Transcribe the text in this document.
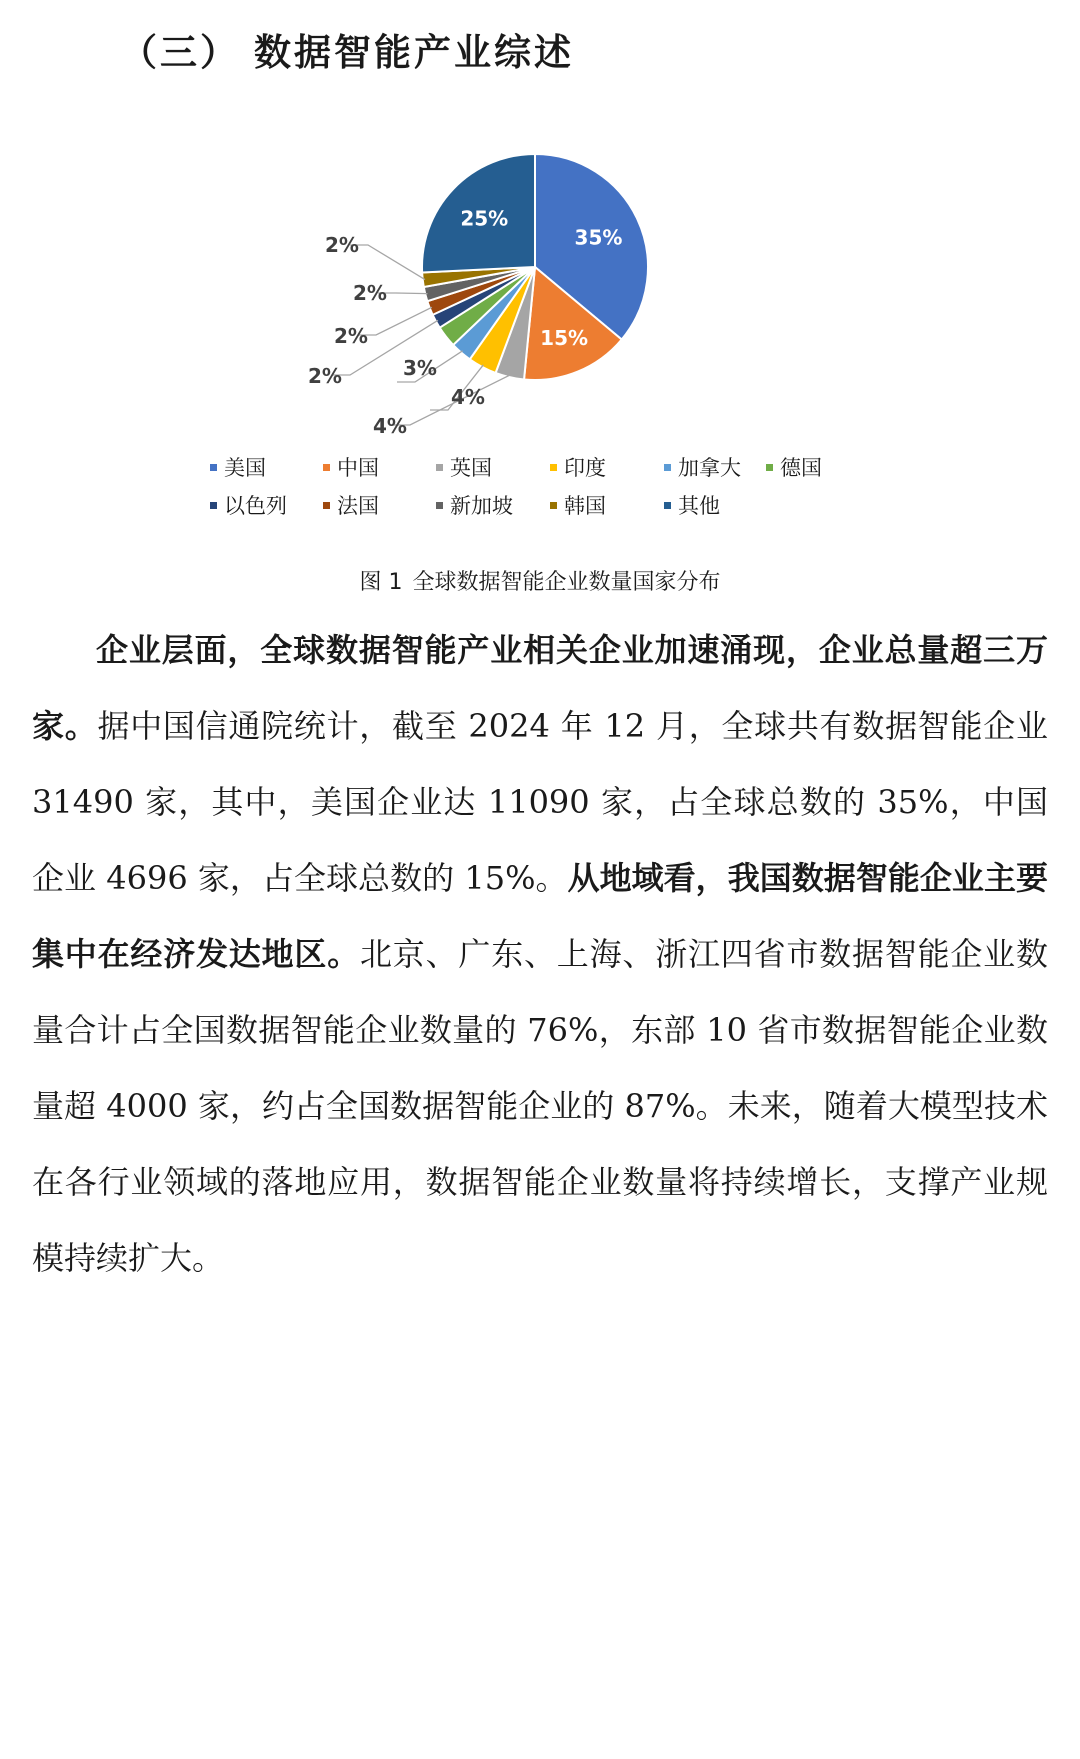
（三） 数据智能产业综述
35%
15%
4%
4%
3%
2%
2%
2%
2%
25%
美国	中国	英国	印度	加拿大 德国
以色列 法国	新加坡 韩国	其他
图 1 全球数据智能企业数量国家分布

企业层面，全球数据智能产业相关企业加速涌现，企业总量超三万家。据中国信通院统计，截至 2024 年 12 月，全球共有数据智能企业 31490 家，其中，美国企业达 11090 家，占全球总数的 35%，中国企业 4696 家，占全球总数的 15%。从地域看，我国数据智能企业主要集中在经济发达地区。北京、广东、上海、浙江四省市数据智能企业数量合计占全国数据智能企业数量的 76%，东部 10 省市数据智能企业数量超 4000 家，约占全国数据智能企业的 87%。未来，随着大模型技术在各行业领域的落地应用，数据智能企业数量将持续增长，支撑产业规模持续扩大。
